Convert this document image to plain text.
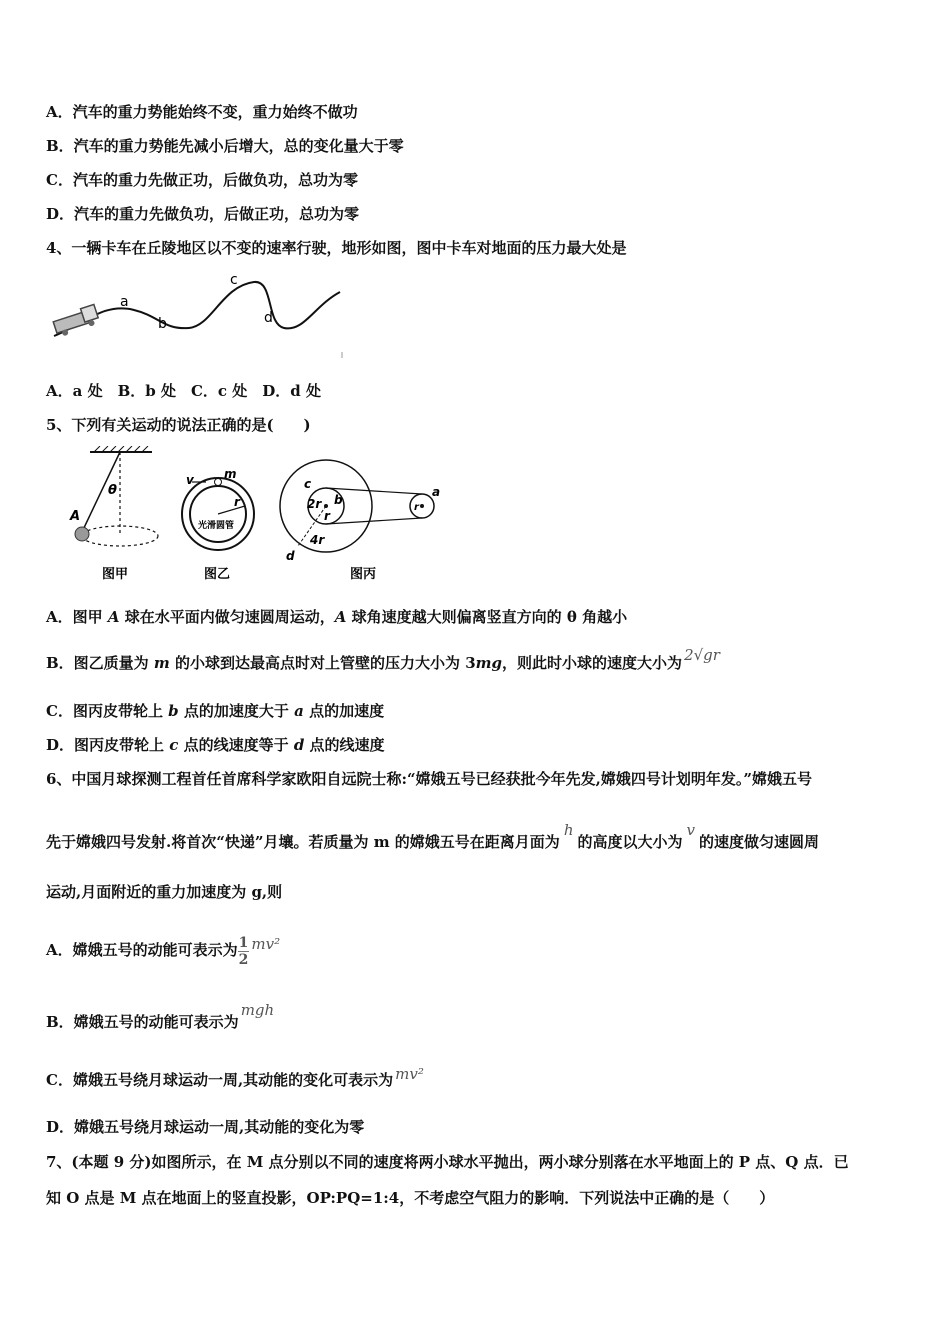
A．汽车的重力势能始终不变，重力始终不做功
B．汽车的重力势能先减小后增大，总的变化量大于零
C．汽车的重力先做正功，后做负功，总功为零
D．汽车的重力先做负功，后做正功，总功为零
4、一辆卡车在丘陵地区以不变的速率行驶，地形如图，图中卡车对地面的压力最大处是
a
b
c
d
A．a 处　B．b 处　C．c 处　D．d 处
5、下列有关运动的说法正确的是(　　)
θ
A
图甲
v	m
r
光滑圆管
图乙
c
2r b
r
4r
d
a
r
图丙
A．图甲 A 球在水平面内做匀速圆周运动，A 球角速度越大则偏离竖直方向的 θ 角越小
B．图乙质量为 m 的小球到达最高点时对上管壁的压力大小为 3mg，则此时小球的速度大小为 2√gr
C．图丙皮带轮上 b 点的加速度大于 a 点的加速度
D．图丙皮带轮上 c 点的线速度等于 d 点的线速度
6、中国月球探测工程首任首席科学家欧阳自远院士称:“嫦娥五号已经获批今年先发,嫦娥四号计划明年发。”嫦娥五号
先于嫦娥四号发射.将首次“快递”月壤。若质量为 m 的嫦娥五号在距离月面为h的高度以大小为v的速度做匀速圆周
运动,月面附近的重力加速度为 g,则
A．嫦娥五号的动能可表示为 $\frac{1}{2} mv^2$
B．嫦娥五号的动能可表示为mgh
C．嫦娥五号绕月球运动一周,其动能的变化可表示为 mv²
D．嫦娥五号绕月球运动一周,其动能的变化为零
7、(本题 9 分)如图所示，在 M 点分别以不同的速度将两小球水平抛出，两小球分别落在水平地面上的 P 点、Q 点．已
知 O 点是 M 点在地面上的竖直投影，OP:PQ=1:4，不考虑空气阻力的影响．下列说法中正确的是（　　）
